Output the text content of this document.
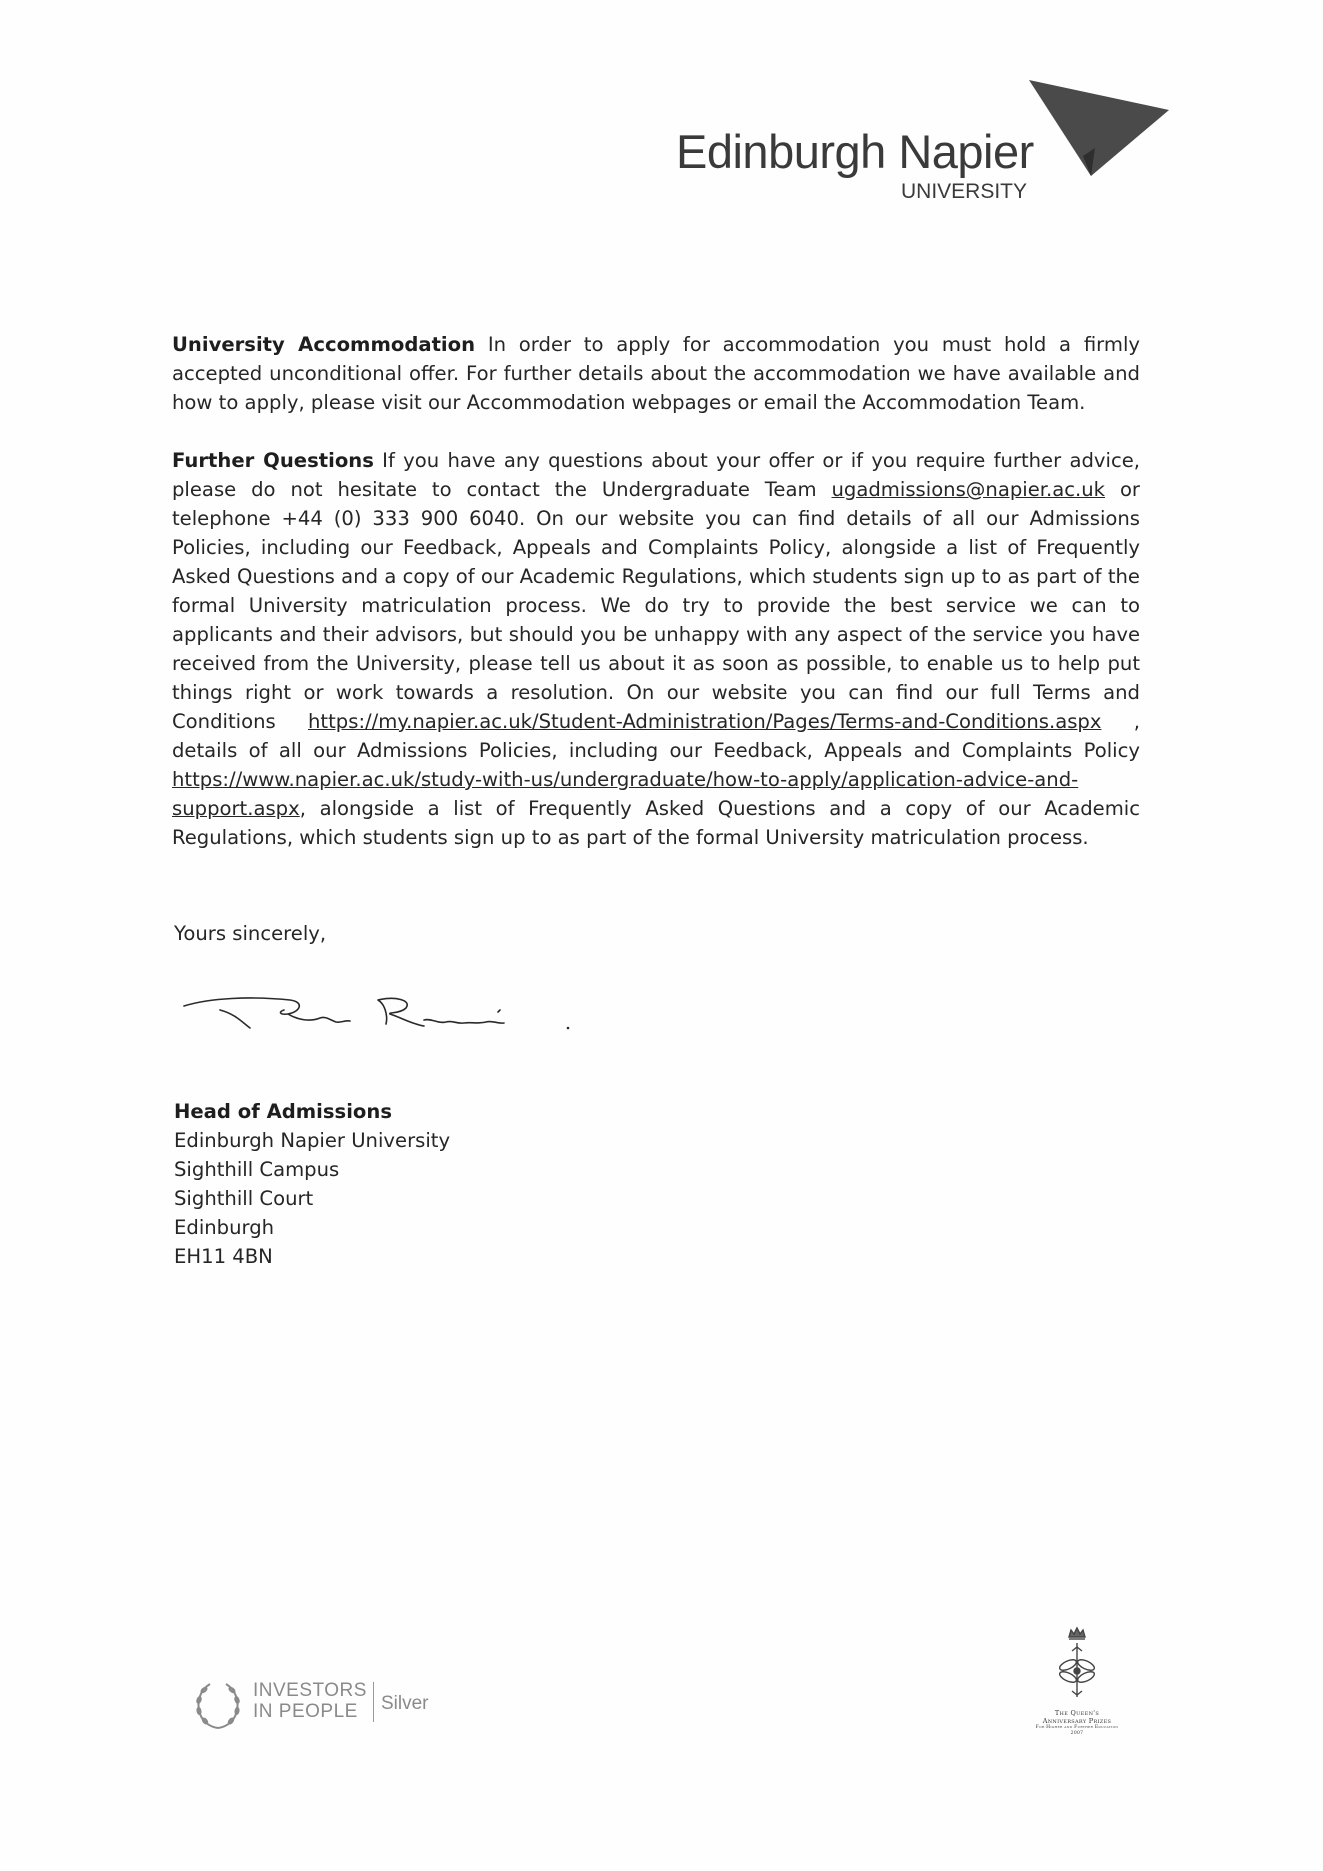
Edinburgh Napier
UNIVERSITY

University Accommodation In order to apply for accommodation you must hold a firmly accepted unconditional offer. For further details about the accommodation we have available and how to apply, please visit our Accommodation webpages or email the Accommodation Team.

Further Questions If you have any questions about your offer or if you require further advice, please do not hesitate to contact the Undergraduate Team ugadmissions@napier.ac.uk or telephone +44 (0) 333 900 6040. On our website you can find details of all our Admissions Policies, including our Feedback, Appeals and Complaints Policy, alongside a list of Frequently Asked Questions and a copy of our Academic Regulations, which students sign up to as part of the formal University matriculation process. We do try to provide the best service we can to applicants and their advisors, but should you be unhappy with any aspect of the service you have received from the University, please tell us about it as soon as possible, to enable us to help put things right or work towards a resolution. On our website you can find our full Terms and Conditions https://my.napier.ac.uk/Student-Administration/Pages/Terms-and-Conditions.aspx , details of all our Admissions Policies, including our Feedback, Appeals and Complaints Policy https://www.napier.ac.uk/study-with-us/undergraduate/how-to-apply/application-advice-and-support.aspx, alongside a list of Frequently Asked Questions and a copy of our Academic Regulations, which students sign up to as part of the formal University matriculation process.

Yours sincerely,
Head of Admissions
Edinburgh Napier University
Sighthill Campus
Sighthill Court
Edinburgh
EH11 4BN
INVESTORS
IN PEOPLE	Silver	The Queen's
Anniversary Prizes
For Higher and Further Education
2007
